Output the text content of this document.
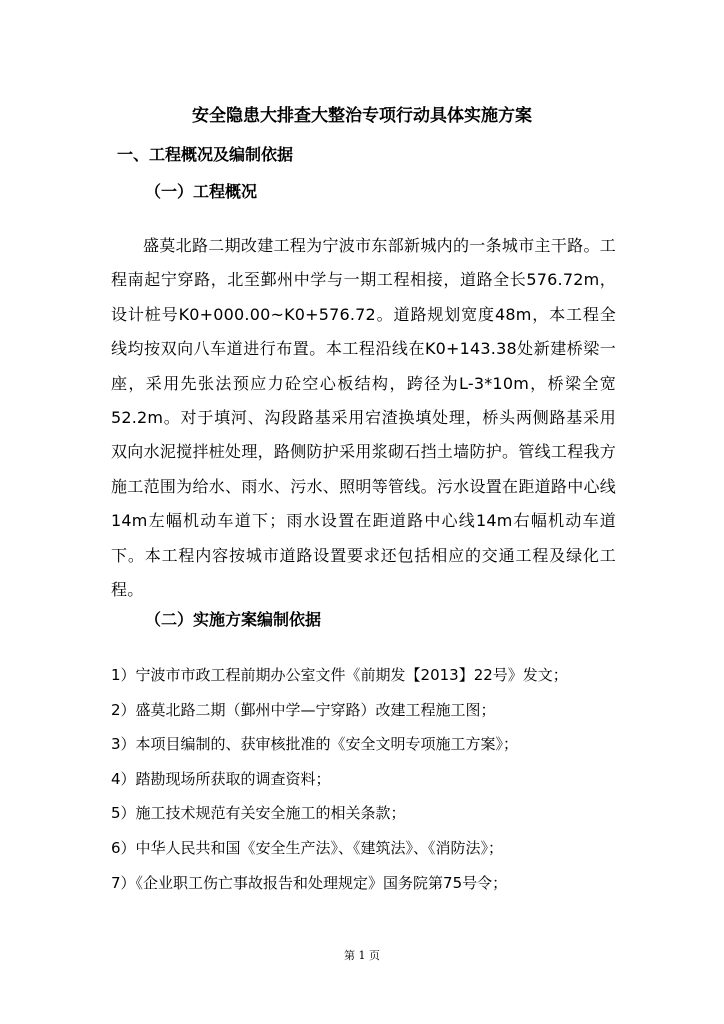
安全隐患大排查大整治专项行动具体实施方案
一、工程概况及编制依据
（一）工程概况

盛莫北路二期改建工程为宁波市东部新城内的一条城市主干路。工程南起宁穿路，北至鄞州中学与一期工程相接，道路全长576.72m，设计桩号K0+000.00~K0+576.72。道路规划宽度48m，本工程全线均按双向八车道进行布置。本工程沿线在K0+143.38处新建桥梁一座，采用先张法预应力砼空心板结构，跨径为L-3*10m，桥梁全宽52.2m。对于填河、沟段路基采用宕渣换填处理，桥头两侧路基采用双向水泥搅拌桩处理，路侧防护采用浆砌石挡土墙防护。管线工程我方施工范围为给水、雨水、污水、照明等管线。污水设置在距道路中心线14m左幅机动车道下；雨水设置在距道路中心线14m右幅机动车道下。本工程内容按城市道路设置要求还包括相应的交通工程及绿化工程。

（二）实施方案编制依据
1）宁波市市政工程前期办公室文件《前期发【2013】22号》发文；
2）盛莫北路二期（鄞州中学—宁穿路）改建工程施工图；
3）本项目编制的、获审核批准的《安全文明专项施工方案》；
4）踏勘现场所获取的调查资料；
5）施工技术规范有关安全施工的相关条款；
6）中华人民共和国《安全生产法》、《建筑法》、《消防法》；
7）《企业职工伤亡事故报告和处理规定》国务院第75号令；
第 1 页
